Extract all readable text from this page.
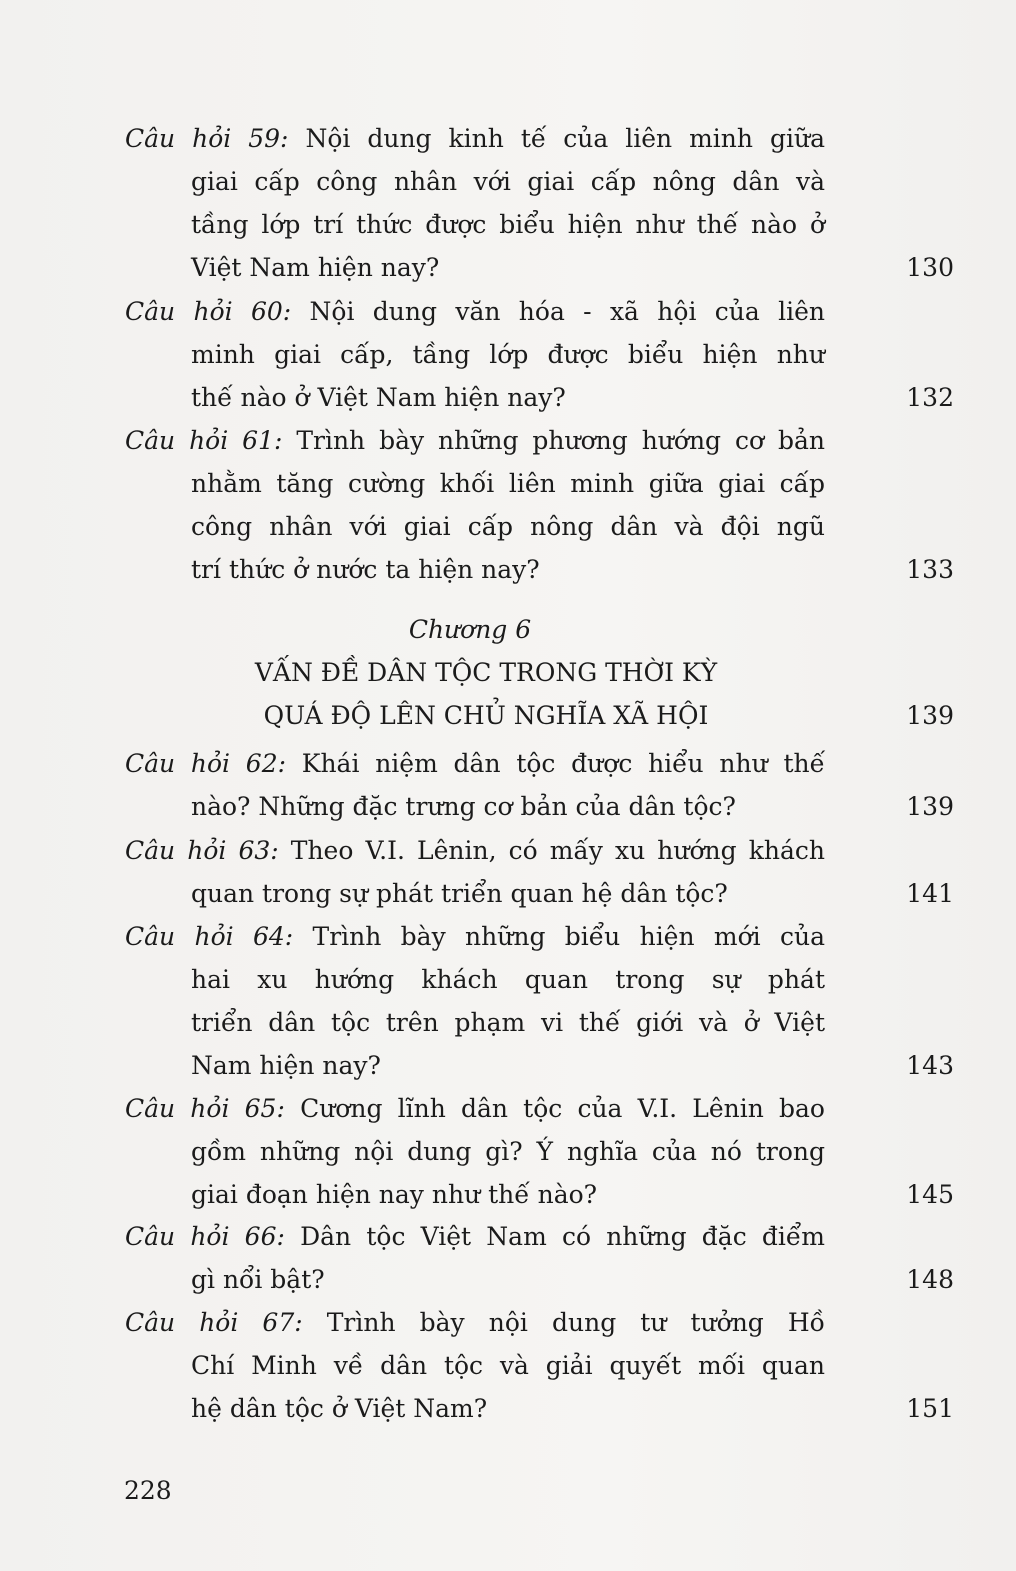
Câu hỏi 59: Nội dung kinh tế của liên minh giữa
giai cấp công nhân với giai cấp nông dân và
tầng lớp trí thức được biểu hiện như thế nào ở
Việt Nam hiện nay?	130
Câu hỏi 60: Nội dung văn hóa - xã hội của liên
minh giai cấp, tầng lớp được biểu hiện như
thế nào ở Việt Nam hiện nay?	132
Câu hỏi 61: Trình bày những phương hướng cơ bản
nhằm tăng cường khối liên minh giữa giai cấp
công nhân với giai cấp nông dân và đội ngũ
trí thức ở nước ta hiện nay?	133
Chương 6
VẤN ĐỀ DÂN TỘC TRONG THỜI KỲ
QUÁ ĐỘ LÊN CHỦ NGHĨA XÃ HỘI	139
Câu hỏi 62: Khái niệm dân tộc được hiểu như thế
nào? Những đặc trưng cơ bản của dân tộc?	139
Câu hỏi 63: Theo V.I. Lênin, có mấy xu hướng khách
quan trong sự phát triển quan hệ dân tộc?	141
Câu hỏi 64: Trình bày những biểu hiện mới của
hai xu hướng khách quan trong sự phát
triển dân tộc trên phạm vi thế giới và ở Việt
Nam hiện nay?	143
Câu hỏi 65: Cương lĩnh dân tộc của V.I. Lênin bao
gồm những nội dung gì? Ý nghĩa của nó trong
giai đoạn hiện nay như thế nào?	145
Câu hỏi 66: Dân tộc Việt Nam có những đặc điểm
gì nổi bật?	148
Câu hỏi 67: Trình bày nội dung tư tưởng Hồ
Chí Minh về dân tộc và giải quyết mối quan
hệ dân tộc ở Việt Nam?	151
228
